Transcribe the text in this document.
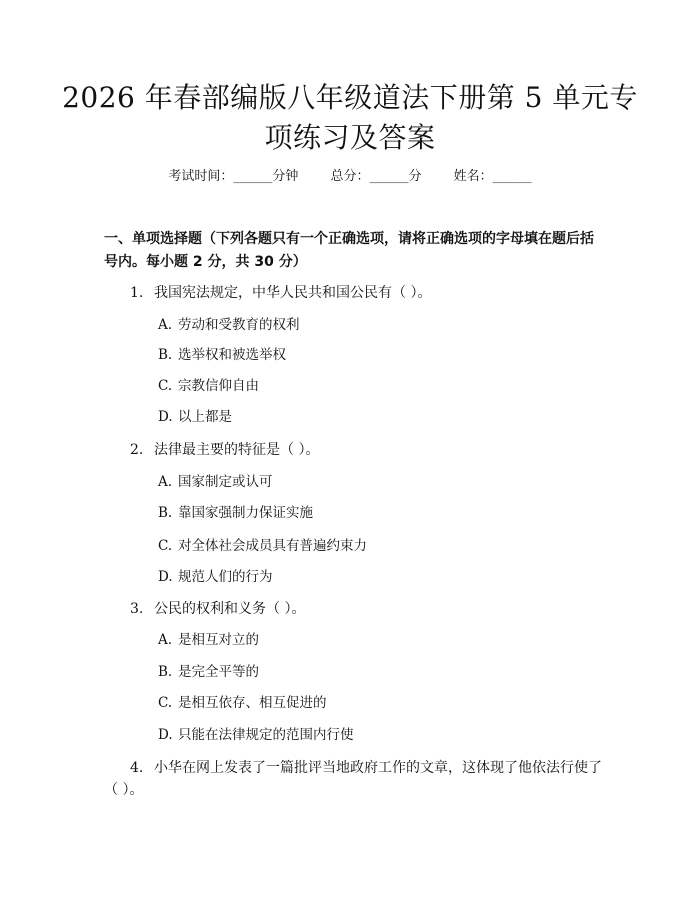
2026 年春部编版八年级道法下册第 5 单元专项练习及答案
考试时间：______分钟 总分：______分 姓名：______
一、单项选择题（下列各题只有一个正确选项，请将正确选项的字母填在题后括号内。每小题 2 分，共 30 分）
1. 我国宪法规定，中华人民共和国公民有（ ）。
A. 劳动和受教育的权利
B. 选举权和被选举权
C. 宗教信仰自由
D. 以上都是
2. 法律最主要的特征是（ ）。
A. 国家制定或认可
B. 靠国家强制力保证实施
C. 对全体社会成员具有普遍约束力
D. 规范人们的行为
3. 公民的权利和义务（ ）。
A. 是相互对立的
B. 是完全平等的
C. 是相互依存、相互促进的
D. 只能在法律规定的范围内行使
4. 小华在网上发表了一篇批评当地政府工作的文章，这体现了他依法行使了
（ ）。
